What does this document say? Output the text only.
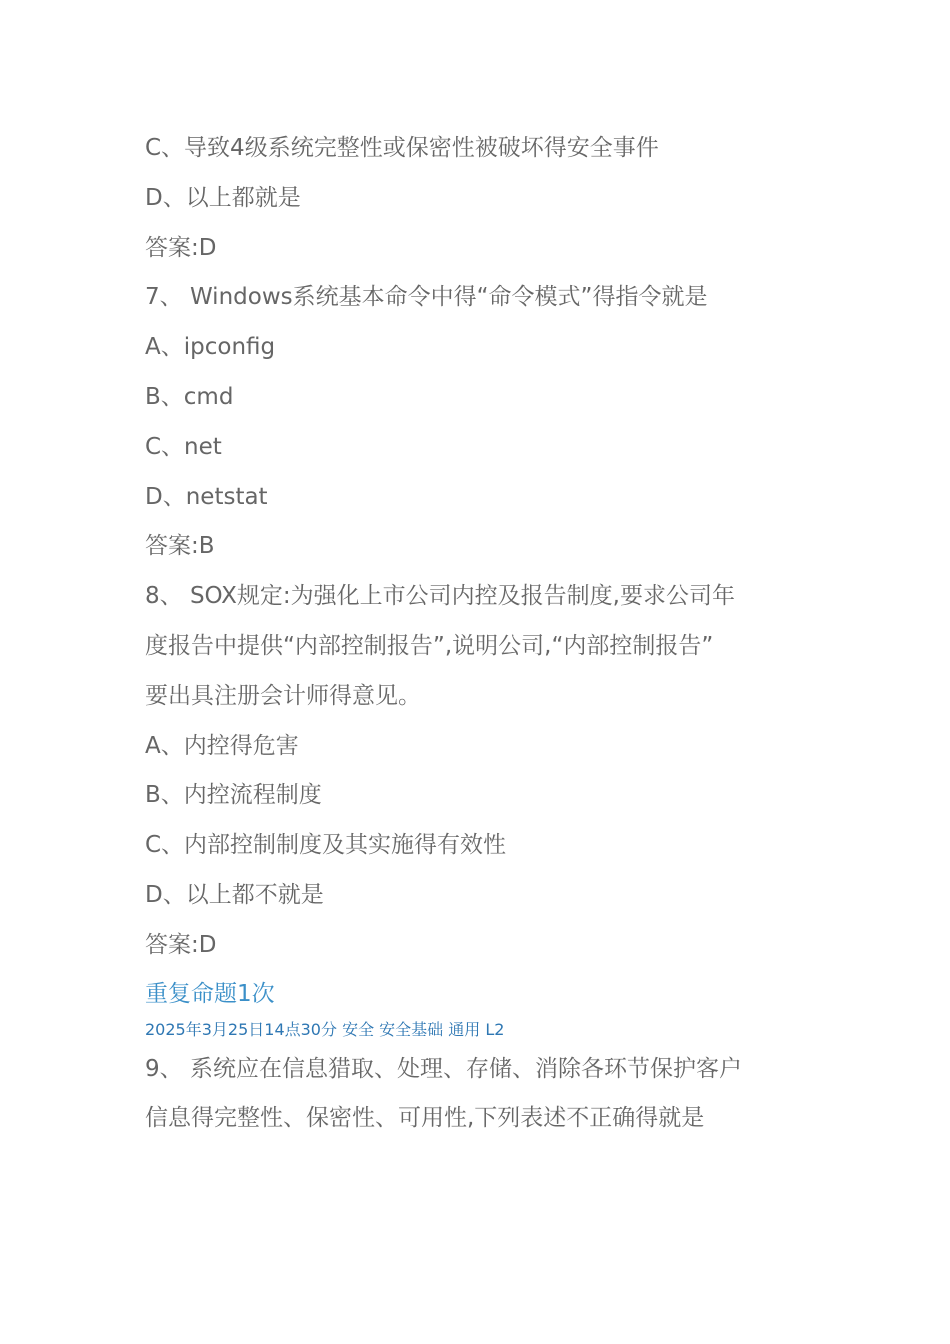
C、导致4级系统完整性或保密性被破坏得安全事件
D、以上都就是
答案:D
7、 Windows系统基本命令中得“命令模式”得指令就是
A、ipconfig
B、cmd
C、net
D、netstat
答案:B
8、 SOX规定:为强化上市公司内控及报告制度,要求公司年
度报告中提供“内部控制报告”,说明公司,“内部控制报告”
要出具注册会计师得意见。
A、内控得危害
B、内控流程制度
C、内部控制制度及其实施得有效性
D、以上都不就是
答案:D
重复命题1次
2025年3月25日14点30分 安全 安全基础 通用 L2
9、 系统应在信息猎取、处理、存储、消除各环节保护客户
信息得完整性、保密性、可用性,下列表述不正确得就是
